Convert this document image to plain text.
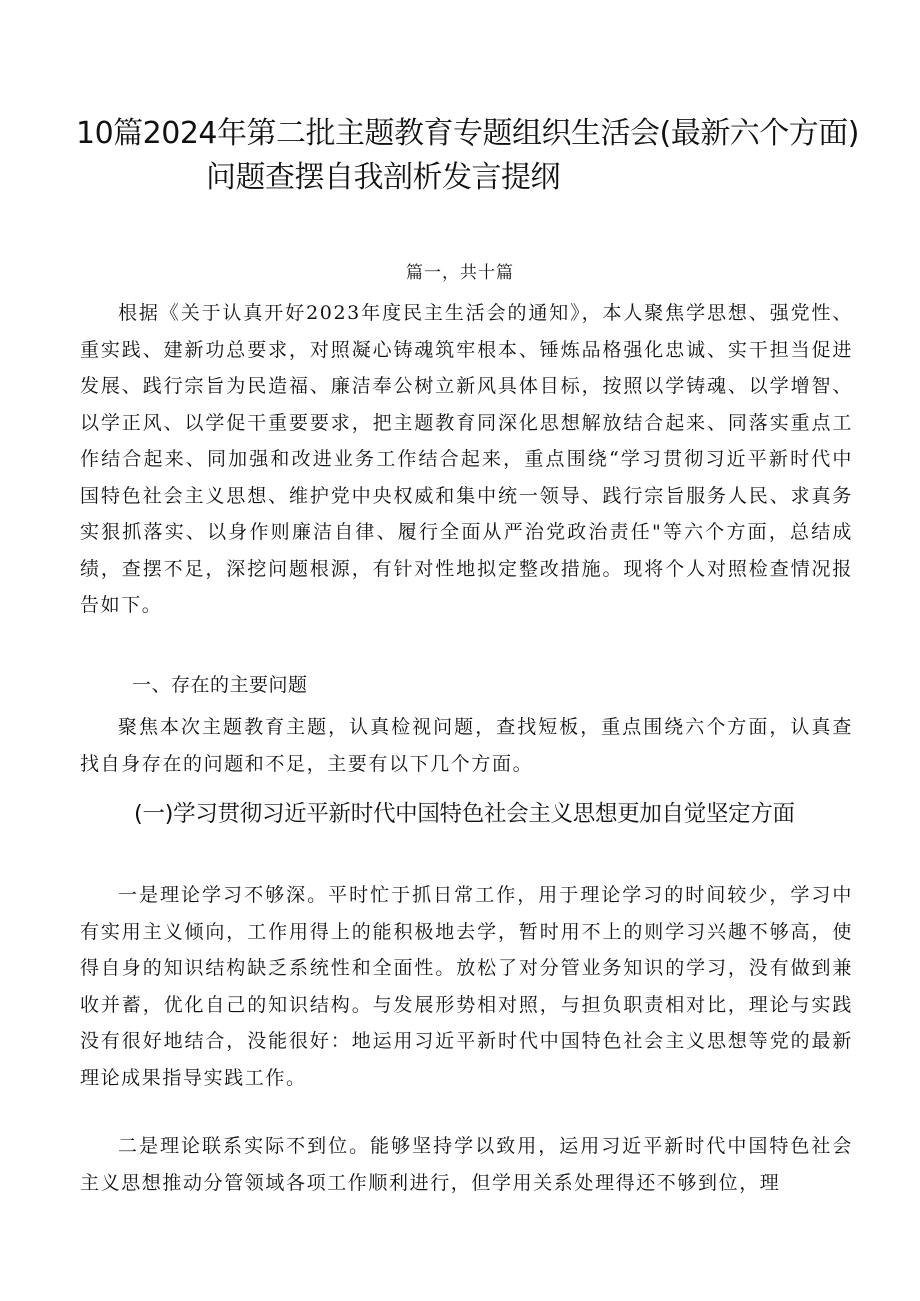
10篇2024年第二批主题教育专题组织生活会(最新六个方面)
问题查摆自我剖析发言提纲
篇一，共十篇

根据《关于认真开好2023年度民主生活会的通知》，本人聚焦学思想、强党性、重实践、建新功总要求，对照凝心铸魂筑牢根本、锤炼品格强化忠诚、实干担当促进发展、践行宗旨为民造福、廉洁奉公树立新风具体目标，按照以学铸魂、以学增智、以学正风、以学促干重要要求，把主题教育同深化思想解放结合起来、同落实重点工作结合起来、同加强和改进业务工作结合起来，重点围绕“学习贯彻习近平新时代中国特色社会主义思想、维护党中央权威和集中统一领导、践行宗旨服务人民、求真务实狠抓落实、以身作则廉洁自律、履行全面从严治党政治责任"等六个方面，总结成绩，查摆不足，深挖问题根源，有针对性地拟定整改措施。现将个人对照检查情况报告如下。

一、存在的主要问题

聚焦本次主题教育主题，认真检视问题，查找短板，重点围绕六个方面，认真查找自身存在的问题和不足，主要有以下几个方面。

(一)学习贯彻习近平新时代中国特色社会主义思想更加自觉坚定方面

一是理论学习不够深。平时忙于抓日常工作，用于理论学习的时间较少，学习中有实用主义倾向，工作用得上的能积极地去学，暂时用不上的则学习兴趣不够高，使得自身的知识结构缺乏系统性和全面性。放松了对分管业务知识的学习，没有做到兼收并蓄，优化自己的知识结构。与发展形势相对照，与担负职责相对比，理论与实践没有很好地结合，没能很好：地运用习近平新时代中国特色社会主义思想等党的最新理论成果指导实践工作。

二是理论联系实际不到位。能够坚持学以致用，运用习近平新时代中国特色社会主义思想推动分管领域各项工作顺利进行，但学用关系处理得还不够到位，理
